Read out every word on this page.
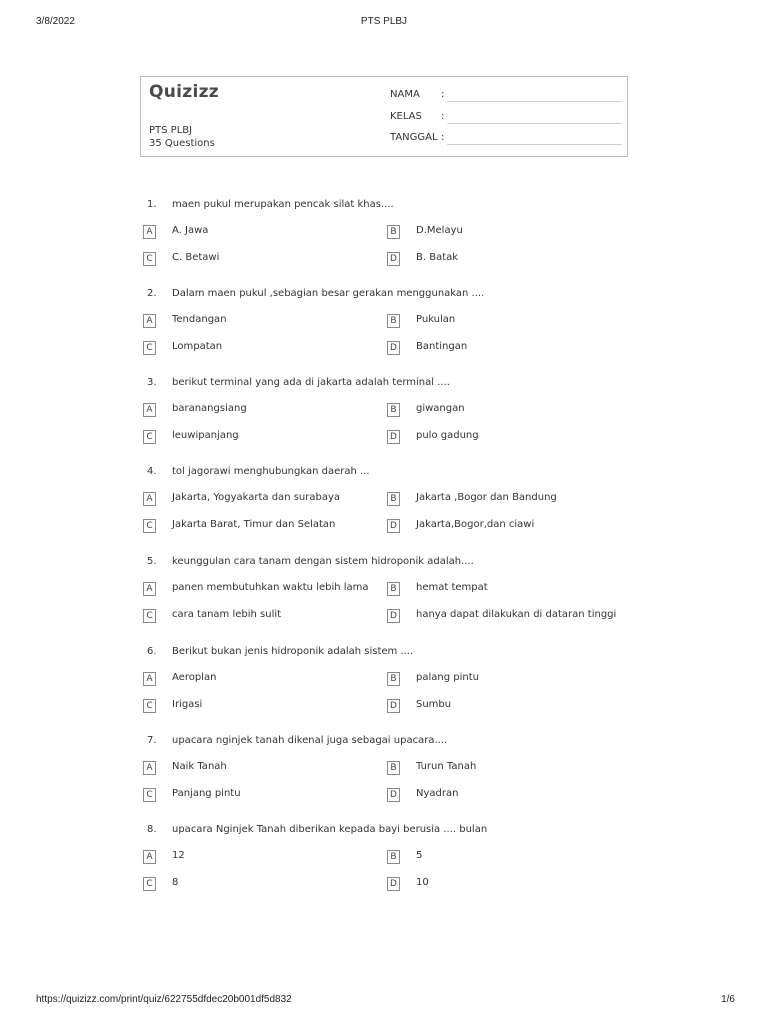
3/8/2022	PTS PLBJ
Quizizz
PTS PLBJ
35 Questions
NAMA :
KELAS :
TANGGAL :
1. maen pukul merupakan pencak silat khas....
A	A. Jawa	B	D.Melayu
C	C. Betawi	D	B. Batak
2. Dalam maen pukul ,sebagian besar gerakan menggunakan ....
A	Tendangan	B	Pukulan
C	Lompatan	D	Bantingan
3. berikut terminal yang ada di jakarta adalah terminal ....
A	baranangsiang	B	giwangan
C	leuwipanjang	D	pulo gadung
4. tol jagorawi menghubungkan daerah ...
A	Jakarta, Yogyakarta dan surabaya	B	Jakarta ,Bogor dan Bandung
C	Jakarta Barat, Timur dan Selatan	D	Jakarta,Bogor,dan ciawi
5. keunggulan cara tanam dengan sistem hidroponik adalah....
A	panen membutuhkan waktu lebih lama	B	hemat tempat
C	cara tanam lebih sulit	D	hanya dapat dilakukan di dataran tinggi
6. Berikut bukan jenis hidroponik adalah sistem ....
A	Aeroplan	B	palang pintu
C	Irigasi	D	Sumbu
7. upacara nginjek tanah dikenal juga sebagai upacara....
A	Naik Tanah	B	Turun Tanah
C	Panjang pintu	D	Nyadran
8. upacara Nginjek Tanah diberikan kepada bayi berusia .... bulan
A	12	B	5
C	8	D	10
https://quizizz.com/print/quiz/622755dfdec20b001df5d832	1/6
